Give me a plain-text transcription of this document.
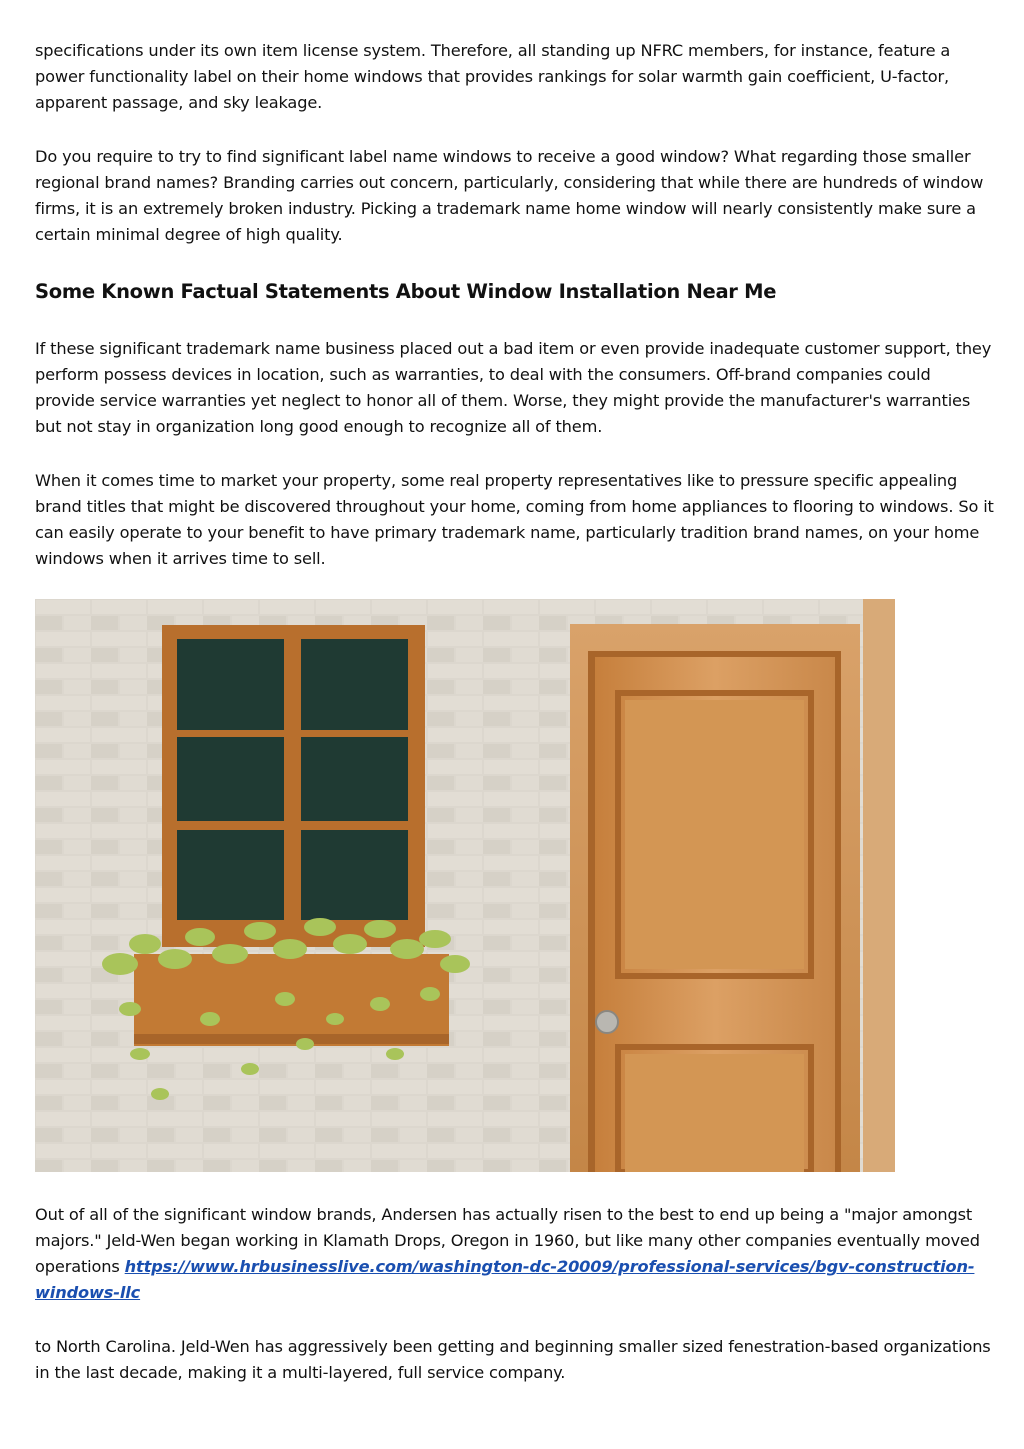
specifications under its own item license system. Therefore, all standing up NFRC members, for instance, feature a power functionality label on their home windows that provides rankings for solar warmth gain coefficient, U-factor, apparent passage, and sky leakage.

Do you require to try to find significant label name windows to receive a good window? What regarding those smaller regional brand names? Branding carries out concern, particularly, considering that while there are hundreds of window firms, it is an extremely broken industry. Picking a trademark name home window will nearly consistently make sure a certain minimal degree of high quality.

Some Known Factual Statements About Window Installation Near Me

If these significant trademark name business placed out a bad item or even provide inadequate customer support, they perform possess devices in location, such as warranties, to deal with the consumers. Off-brand companies could provide service warranties yet neglect to honor all of them. Worse, they might provide the manufacturer's warranties but not stay in organization long good enough to recognize all of them.

When it comes time to market your property, some real property representatives like to pressure specific appealing brand titles that might be discovered throughout your home, coming from home appliances to flooring to windows. So it can easily operate to your benefit to have primary trademark name, particularly tradition brand names, on your home windows when it arrives time to sell.

Out of all of the significant window brands, Andersen has actually risen to the best to end up being a "major amongst majors." Jeld-Wen began working in Klamath Drops, Oregon in 1960, but like many other companies eventually moved operations https://www.hrbusinesslive.com/washington-dc-20009/professional-services/bgv-construction-windows-llc

to North Carolina. Jeld-Wen has aggressively been getting and beginning smaller sized fenestration-based organizations in the last decade, making it a multi-layered, full service company.
